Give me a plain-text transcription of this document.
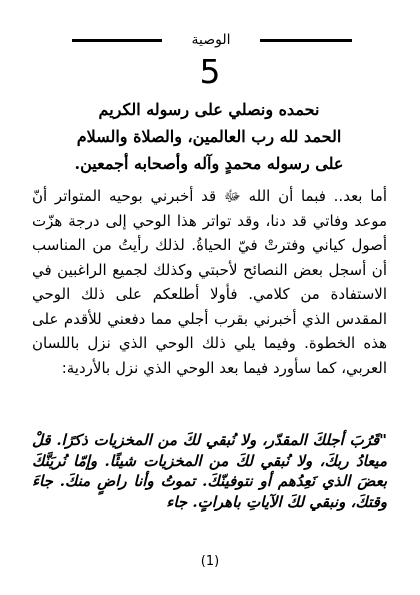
الوصية
5
نحمده ونصلي على رسوله الكريم
الحمد لله رب العالمين، والصلاة والسلام
على رسوله محمدٍ وآله وأصحابه أجمعين.
أما بعد.. فبما أن الله ﷻ قد أخبرني بوحيه المتواتر أنّ موعد وفاتي قد دنا، وقد تواتر هذا الوحي إلى درجة هزّت أصول كياني وفترتْ فيّ الحياةُ. لذلك رأيتُ من المناسب أن أسجل بعض النصائح لأحبتي وكذلك لجميع الراغبين في الاستفادة من كلامي. فأولا أطلعكم على ذلك الوحي المقدس الذي أخبرني بقرب أجلي مما دفعني للأقدم على هذه الخطوة. وفيما يلي ذلك الوحي الذي نزل باللسان العربي، كما سأورد فيما بعد الوحي الذي نزل بالأردية:
"قَرُبَ أجلكَ المقدّر، ولا نُبقي لكَ من المخزيات ذكرًا. قلْ ميعادُ ربكَ، ولا نُبقي لكَ من المخزيات شيئًا. وإمّا نُريَنَّكَ بعضَ الذي نَعِدُهم أو نتوفينّكَ. تموتُ وأنا راضٍ منكَ. جاءَ وقتكَ، ونبقي لكَ الآياتِ باهراتٍ. جاء
(1)
